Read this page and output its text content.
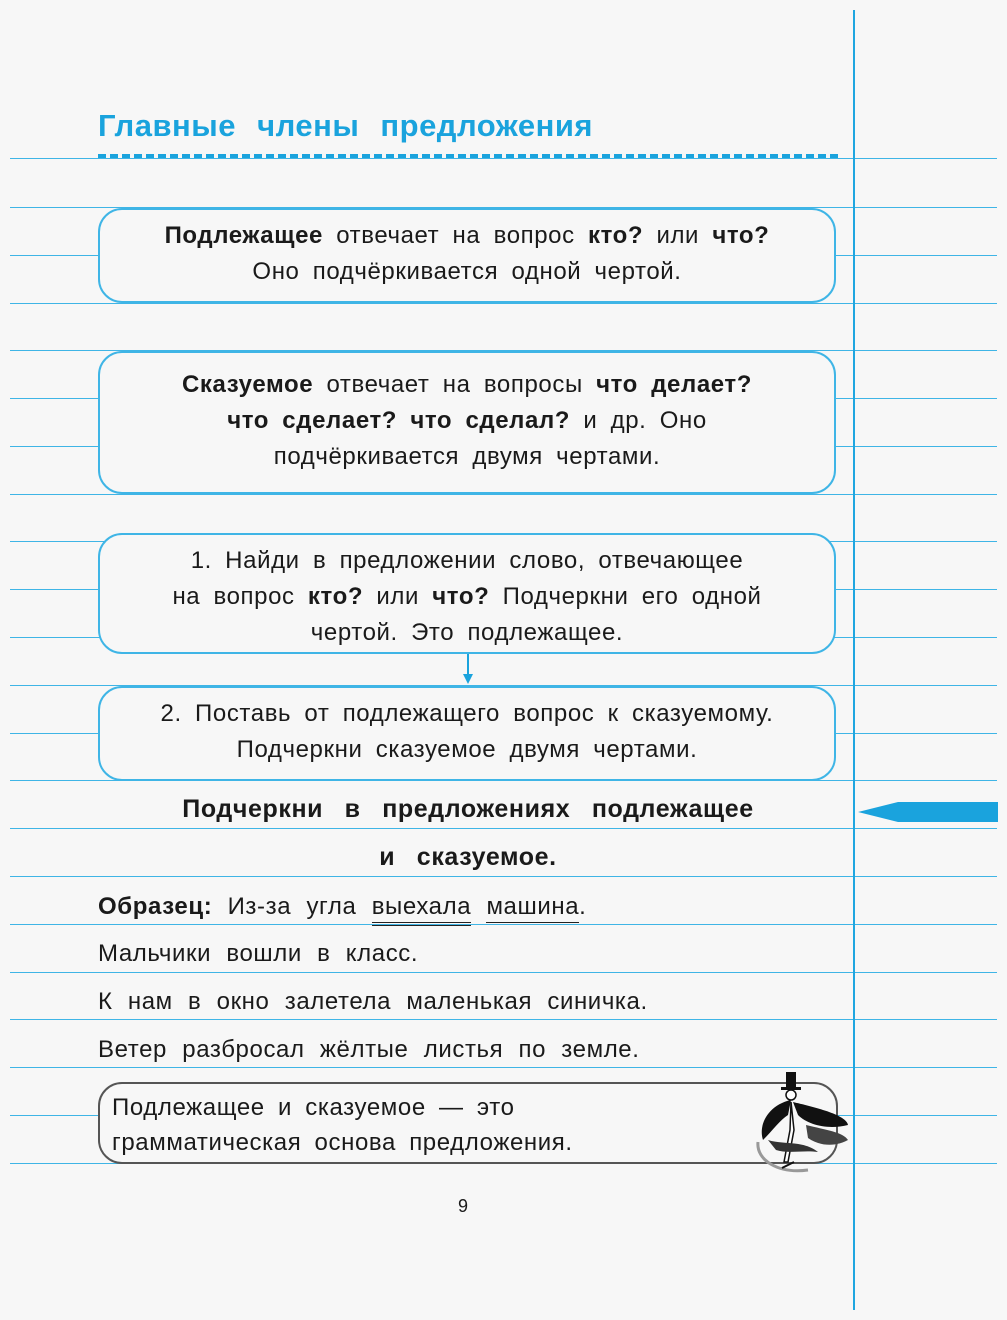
Главные члены предложения
Подлежащее отвечает на вопрос кто? или что?
Оно подчёркивается одной чертой.
Сказуемое отвечает на вопросы что делает?
что сделает? что сделал? и др. Оно
подчёркивается двумя чертами.
1. Найди в предложении слово, отвечающее
на вопрос кто? или что? Подчеркни его одной
чертой. Это подлежащее.
2. Поставь от подлежащего вопрос к сказуемому.
Подчеркни сказуемое двумя чертами.
Подчеркни в предложениях подлежащее
и сказуемое.
Образец: Из-за угла выехала машина.
Мальчики вошли в класс.
К нам в окно залетела маленькая синичка.
Ветер разбросал жёлтые листья по земле.
Подлежащее и сказуемое — это
грамматическая основа предложения.
9
